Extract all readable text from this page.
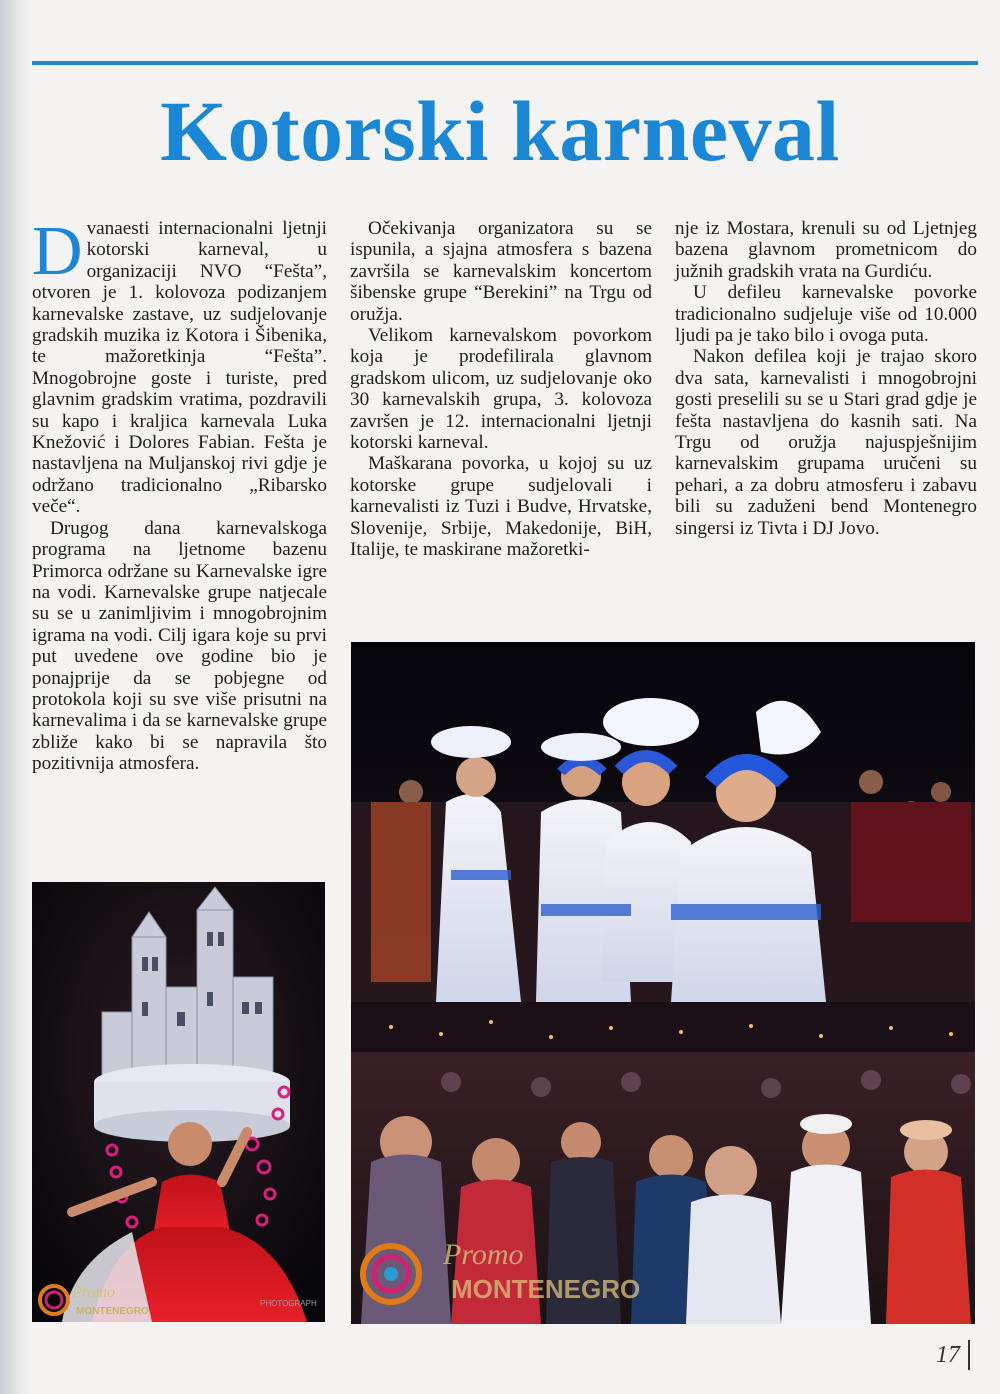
Kotorski karneval

Dvanaesti internacionalni ljetnji kotorski karneval, u organizaciji NVO “Fešta”, otvoren je 1. kolovoza podizanjem karnevalske zastave, uz sudjelovanje gradskih muzika iz Kotora i Šibenika, te mažoretkinja “Fešta”. Mnogobrojne goste i turiste, pred glavnim gradskim vratima, pozdravili su kapo i kraljica karnevala Luka Knežović i Dolores Fabian. Fešta je nastavljena na Muljanskoj rivi gdje je održano tradicionalno „Ribarsko veče“.

Drugog dana karnevalskoga programa na ljetnome bazenu Primorca održane su Karnevalske igre na vodi. Karnevalske grupe natjecale su se u zanimljivim i mnogobrojnim igrama na vodi. Cilj igara koje su prvi put uvedene ove godine bio je ponajprije da se pobjegne od protokola koji su sve više prisutni na karnevalima i da se karnevalske grupe zbliže kako bi se napravila što pozitivnija atmosfera.

Očekivanja organizatora su se ispunila, a sjajna atmosfera s bazena završila se karnevalskim koncertom šibenske grupe “Berekini” na Trgu od oružja.

Velikom karnevalskom povorkom koja je prodefilirala glavnom gradskom ulicom, uz sudjelovanje oko 30 karnevalskih grupa, 3. kolovoza završen je 12. internacionalni ljetnji kotorski karneval.

Maškarana povorka, u kojoj su uz kotorske grupe sudjelovali i karnevalisti iz Tuzi i Budve, Hrvatske, Slovenije, Srbije, Makedonije, BiH, Italije, te maskirane mažoretki-

nje iz Mostara, krenuli su od Ljetnjeg bazena glavnom prometnicom do južnih gradskih vrata na Gurdiću.

U defileu karnevalske povorke tradicionalno sudjeluje više od 10.000 ljudi pa je tako bilo i ovoga puta.

Nakon defilea koji je trajao skoro dva sata, karnevalisti i mnogobrojni gosti preselili su se u Stari grad gdje je fešta nastavljena do kasnih sati. Na Trgu od oružja najuspješnijim karnevalskim grupama uručeni su pehari, a za dobru atmosferu i zabavu bili su zaduženi bend Montenegro singersi iz Tivta i DJ Jovo.

Promo
MONTENEGRO
PHOTOGRAPH
Promo
MONTENEGRO
17
